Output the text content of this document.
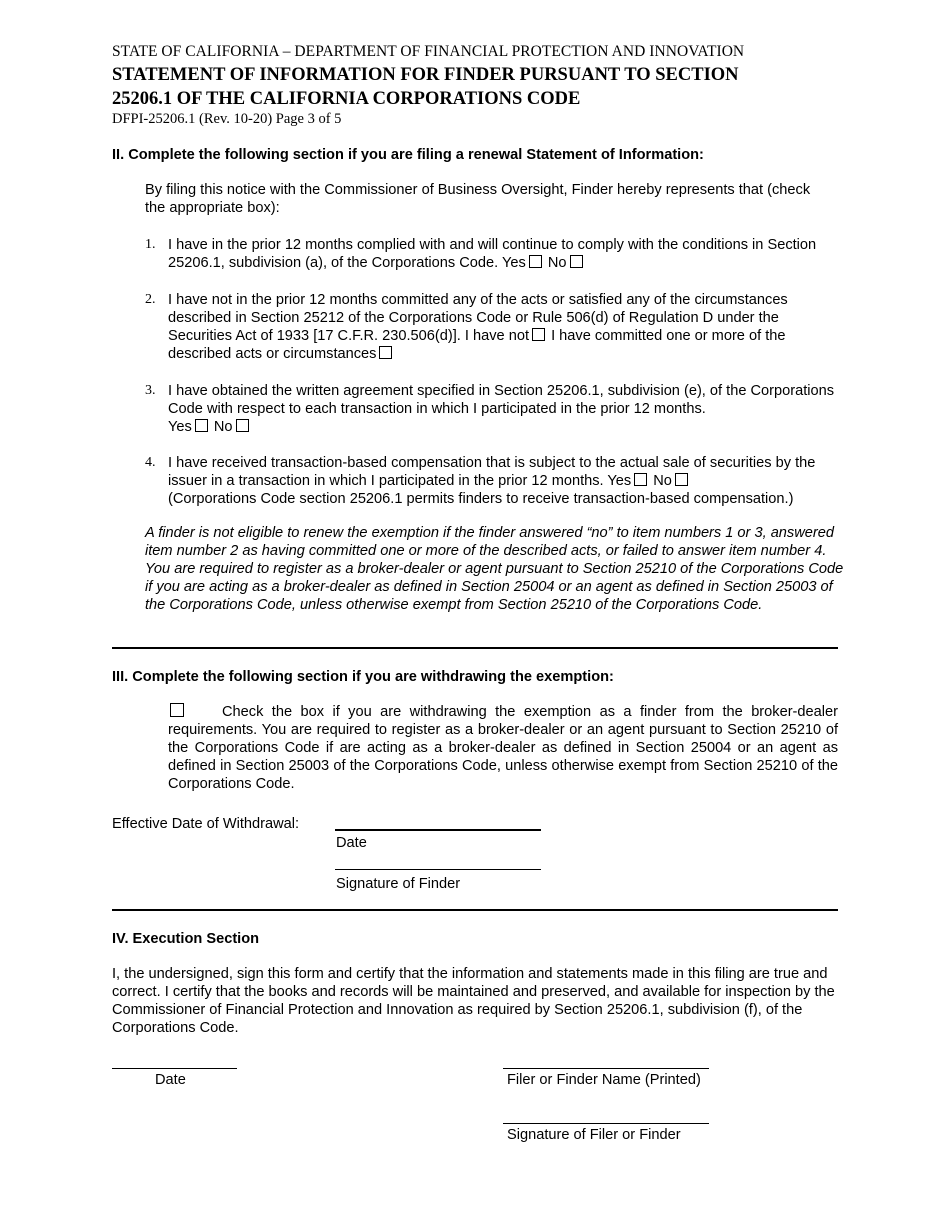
STATE OF CALIFORNIA – DEPARTMENT OF FINANCIAL PROTECTION AND INNOVATION
STATEMENT OF INFORMATION FOR FINDER PURSUANT TO SECTION 25206.1 OF THE CALIFORNIA CORPORATIONS CODE
DFPI-25206.1 (Rev. 10-20) Page 3 of 5
II. Complete the following section if you are filing a renewal Statement of Information:
By filing this notice with the Commissioner of Business Oversight, Finder hereby represents that (check the appropriate box):
1. I have in the prior 12 months complied with and will continue to comply with the conditions in Section 25206.1, subdivision (a), of the Corporations Code. Yes No
2. I have not in the prior 12 months committed any of the acts or satisfied any of the circumstances described in Section 25212 of the Corporations Code or Rule 506(d) of Regulation D under the Securities Act of 1933 [17 C.F.R. 230.506(d)]. I have not I have committed one or more of the described acts or circumstances
3. I have obtained the written agreement specified in Section 25206.1, subdivision (e), of the Corporations Code with respect to each transaction in which I participated in the prior 12 months.
Yes No
4. I have received transaction-based compensation that is subject to the actual sale of securities by the issuer in a transaction in which I participated in the prior 12 months. Yes No
(Corporations Code section 25206.1 permits finders to receive transaction-based compensation.)
A finder is not eligible to renew the exemption if the finder answered “no” to item numbers 1 or 3, answered item number 2 as having committed one or more of the described acts, or failed to answer item number 4. You are required to register as a broker-dealer or agent pursuant to Section 25210 of the Corporations Code if you are acting as a broker-dealer as defined in Section 25004 or an agent as defined in Section 25003 of the Corporations Code, unless otherwise exempt from Section 25210 of the Corporations Code.
III. Complete the following section if you are withdrawing the exemption:
Check the box if you are withdrawing the exemption as a finder from the broker-dealer requirements. You are required to register as a broker-dealer or an agent pursuant to Section 25210 of the Corporations Code if are acting as a broker-dealer as defined in Section 25004 or an agent as defined in Section 25003 of the Corporations Code, unless otherwise exempt from Section 25210 of the Corporations Code.
Effective Date of Withdrawal:
Date
Signature of Finder
IV. Execution Section
I, the undersigned, sign this form and certify that the information and statements made in this filing are true and correct. I certify that the books and records will be maintained and preserved, and available for inspection by the Commissioner of Financial Protection and Innovation as required by Section 25206.1, subdivision (f), of the Corporations Code.
Date	Filer or Finder Name (Printed)
Signature of Filer or Finder
